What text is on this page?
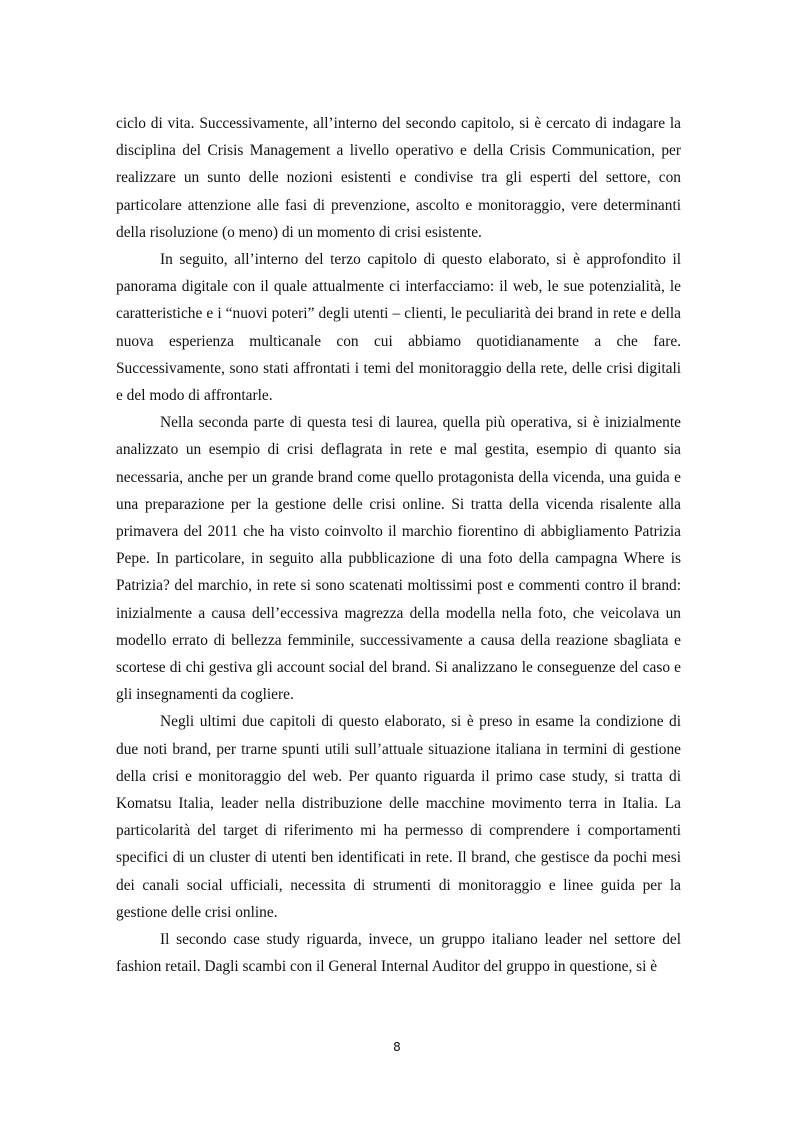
ciclo di vita. Successivamente, all’interno del secondo capitolo, si è cercato di indagare la disciplina del Crisis Management a livello operativo e della Crisis Communication, per realizzare un sunto delle nozioni esistenti e condivise tra gli esperti del settore, con particolare attenzione alle fasi di prevenzione, ascolto e monitoraggio, vere determinanti della risoluzione (o meno) di un momento di crisi esistente.

In seguito, all’interno del terzo capitolo di questo elaborato, si è approfondito il panorama digitale con il quale attualmente ci interfacciamo: il web, le sue potenzialità, le caratteristiche e i “nuovi poteri” degli utenti – clienti, le peculiarità dei brand in rete e della nuova esperienza multicanale con cui abbiamo quotidianamente a che fare. Successivamente, sono stati affrontati i temi del monitoraggio della rete, delle crisi digitali e del modo di affrontarle.

Nella seconda parte di questa tesi di laurea, quella più operativa, si è inizialmente analizzato un esempio di crisi deflagrata in rete e mal gestita, esempio di quanto sia necessaria, anche per un grande brand come quello protagonista della vicenda, una guida e una preparazione per la gestione delle crisi online. Si tratta della vicenda risalente alla primavera del 2011 che ha visto coinvolto il marchio fiorentino di abbigliamento Patrizia Pepe. In particolare, in seguito alla pubblicazione di una foto della campagna Where is Patrizia? del marchio, in rete si sono scatenati moltissimi post e commenti contro il brand: inizialmente a causa dell’eccessiva magrezza della modella nella foto, che veicolava un modello errato di bellezza femminile, successivamente a causa della reazione sbagliata e scortese di chi gestiva gli account social del brand. Si analizzano le conseguenze del caso e gli insegnamenti da cogliere.

Negli ultimi due capitoli di questo elaborato, si è preso in esame la condizione di due noti brand, per trarne spunti utili sull’attuale situazione italiana in termini di gestione della crisi e monitoraggio del web. Per quanto riguarda il primo case study, si tratta di Komatsu Italia, leader nella distribuzione delle macchine movimento terra in Italia. La particolarità del target di riferimento mi ha permesso di comprendere i comportamenti specifici di un cluster di utenti ben identificati in rete. Il brand, che gestisce da pochi mesi dei canali social ufficiali, necessita di strumenti di monitoraggio e linee guida per la gestione delle crisi online.

Il secondo case study riguarda, invece, un gruppo italiano leader nel settore del fashion retail. Dagli scambi con il General Internal Auditor del gruppo in questione, si è

8
